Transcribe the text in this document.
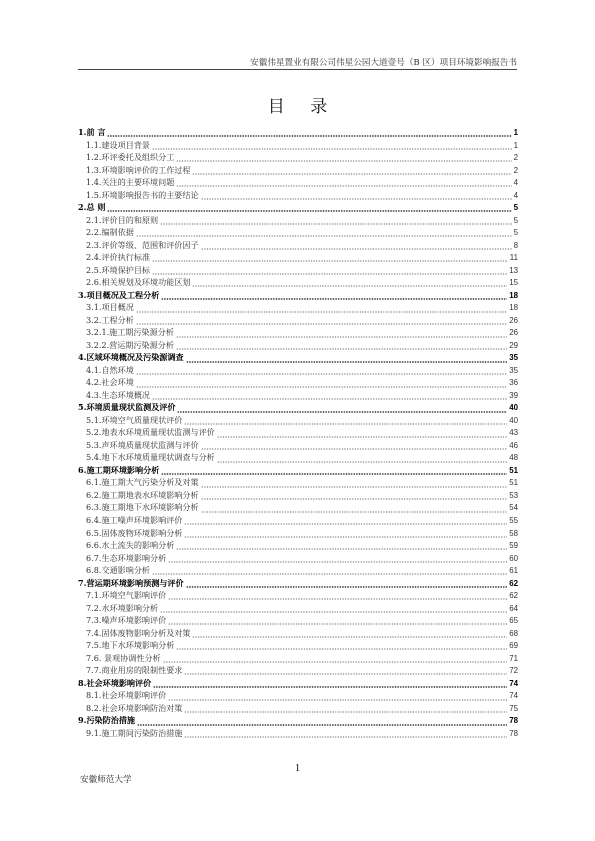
安徽伟星置业有限公司伟星公园大道壹号（B 区）项目环境影响报告书
目 录
1.前 言	1
1.1.建设项目背景	1
1.2.环评委托及组织分工	2
1.3.环境影响评价的工作过程	2
1.4.关注的主要环境问题	4
1.5.环境影响报告书的主要结论	4
2.总 则	5
2.1.评价目的和原则	5
2.2.编制依据	5
2.3.评价等级、范围和评价因子	8
2.4.评价执行标准	11
2.5.环境保护目标	13
2.6.相关规划及环境功能区划	15
3.项目概况及工程分析	18
3.1.项目概况	18
3.2.工程分析	26
3.2.1.施工期污染源分析	26
3.2.2.营运期污染源分析	29
4.区域环境概况及污染源调查	35
4.1.自然环境	35
4.2.社会环境	36
4.3.生态环境概况	39
5.环境质量现状监测及评价	40
5.1.环境空气质量现状评价	40
5.2.地表水环境质量现状监测与评价	43
5.3.声环境质量现状监测与评价	46
5.4.地下水环境质量现状调查与分析	48
6.施工期环境影响分析	51
6.1.施工期大气污染分析及对策	51
6.2.施工期地表水环境影响分析	53
6.3.施工期地下水环境影响分析	54
6.4.施工噪声环境影响评价	55
6.5.固体废物环境影响分析	58
6.6.水土流失的影响分析	59
6.7.生态环境影响分析	60
6.8.交通影响分析	61
7.营运期环境影响预测与评价	62
7.1.环境空气影响评价	62
7.2.水环境影响分析	64
7.3.噪声环境影响评价	65
7.4.固体废物影响分析及对策	68
7.5.地下水环境影响分析	69
7.6. 景观协调性分析	71
7.7.商业用房的限制性要求	72
8.社会环境影响评价	74
8.1.社会环境影响评价	74
8.2.社会环境影响防治对策	75
9.污染防治措施	78
9.1.施工期间污染防治措施	78
1
安徽师范大学
